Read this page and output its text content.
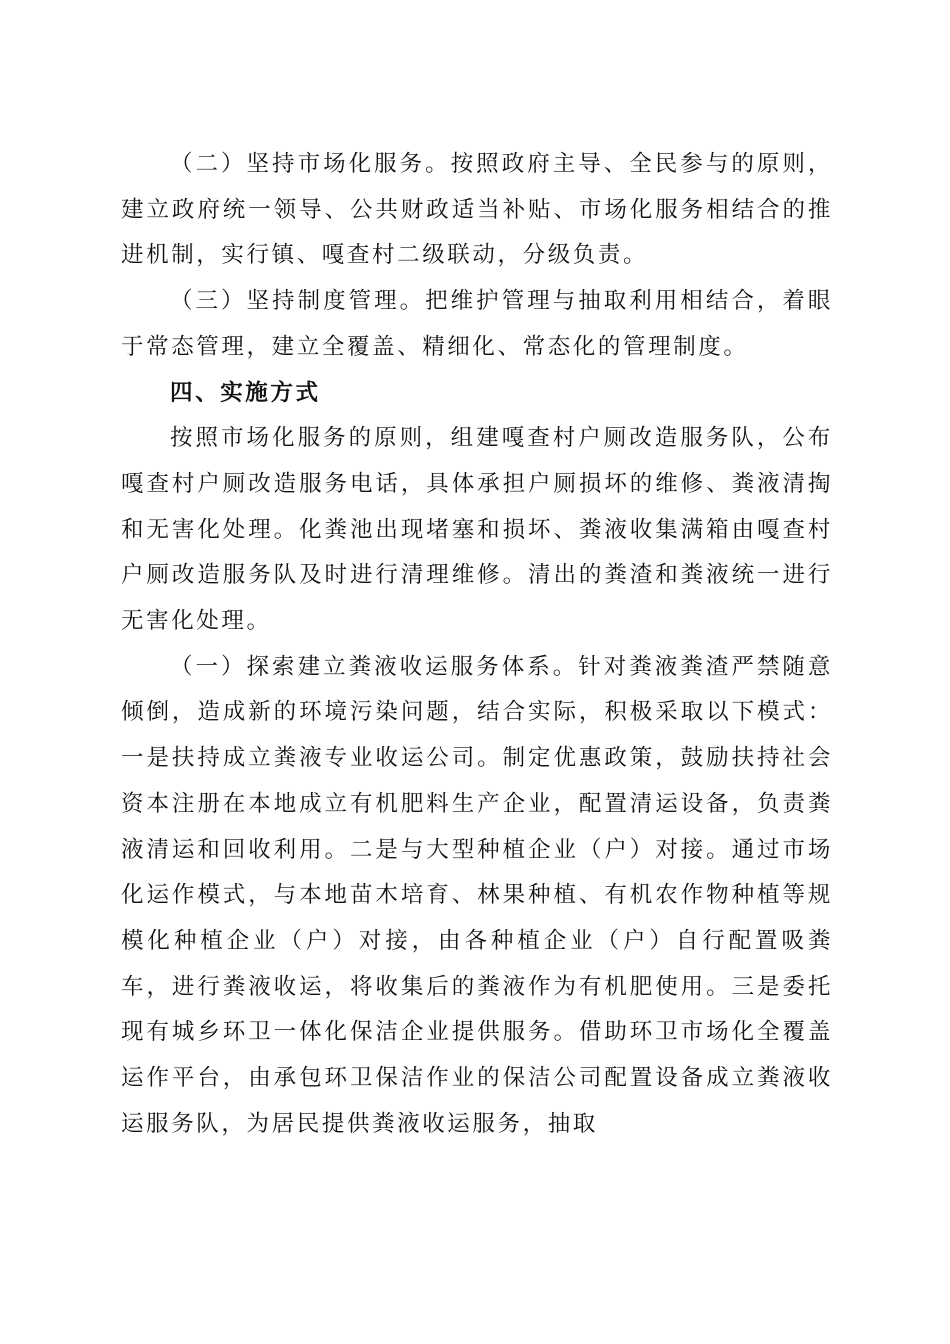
（二）坚持市场化服务。按照政府主导、全民参与的原则，建立政府统一领导、公共财政适当补贴、市场化服务相结合的推进机制，实行镇、嘎查村二级联动，分级负责。

（三）坚持制度管理。把维护管理与抽取利用相结合，着眼于常态管理，建立全覆盖、精细化、常态化的管理制度。

四、实施方式

按照市场化服务的原则，组建嘎查村户厕改造服务队，公布嘎查村户厕改造服务电话，具体承担户厕损坏的维修、粪液清掏和无害化处理。化粪池出现堵塞和损坏、粪液收集满箱由嘎查村户厕改造服务队及时进行清理维修。清出的粪渣和粪液统一进行无害化处理。

（一）探索建立粪液收运服务体系。针对粪液粪渣严禁随意倾倒，造成新的环境污染问题，结合实际，积极采取以下模式：一是扶持成立粪液专业收运公司。制定优惠政策，鼓励扶持社会资本注册在本地成立有机肥料生产企业，配置清运设备，负责粪液清运和回收利用。二是与大型种植企业（户）对接。通过市场化运作模式，与本地苗木培育、林果种植、有机农作物种植等规模化种植企业（户）对接，由各种植企业（户）自行配置吸粪车，进行粪液收运，将收集后的粪液作为有机肥使用。三是委托现有城乡环卫一体化保洁企业提供服务。借助环卫市场化全覆盖运作平台，由承包环卫保洁作业的保洁公司配置设备成立粪液收运服务队，为居民提供粪液收运服务，抽取
